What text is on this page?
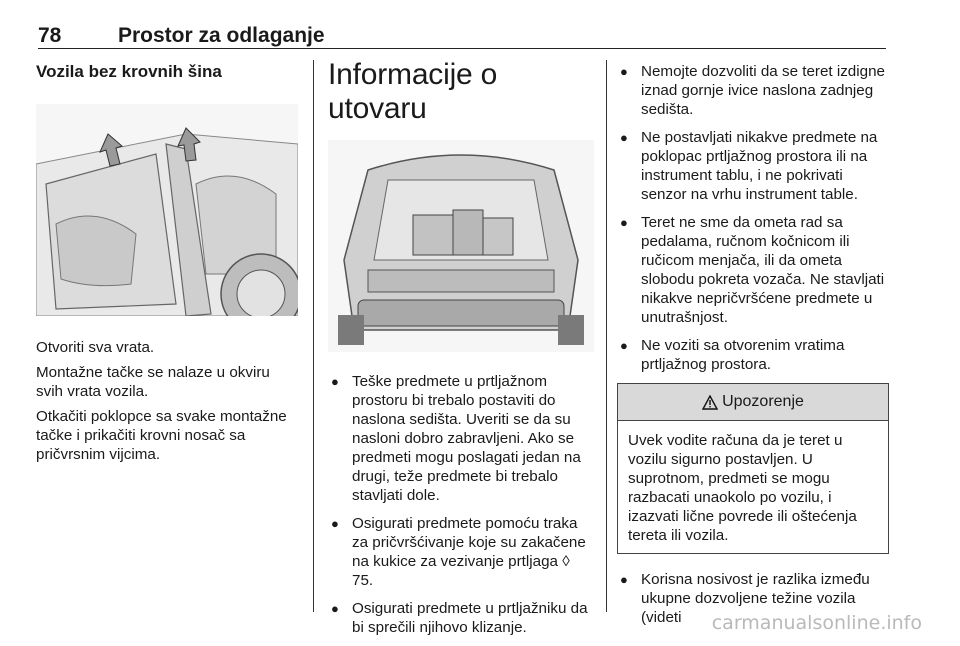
78	Prostor za odlaganje
Vozila bez krovnih šina

Otvoriti sva vrata.

Montažne tačke se nalaze u okviru svih vrata vozila.

Otkačiti poklopce sa svake montažne tačke i prikačiti krovni nosač sa pričvrsnim vijcima.

Informacije o utovaru
● Teške predmete u prtljažnom prostoru bi trebalo postaviti do naslona sedišta. Uveriti se da su nasloni dobro zabravljeni. Ako se predmeti mogu poslagati jedan na drugi, teže predmete bi trebalo stavljati dole.
● Osigurati predmete pomoću traka za pričvršćivanje koje su zakačene na kukice za vezivanje prtljaga ◊ 75.
● Osigurati predmete u prtljažniku da bi sprečili njihovo klizanje.
● Nemojte dozvoliti da se teret izdigne iznad gornje ivice naslona zadnjeg sedišta.
● Ne postavljati nikakve predmete na poklopac prtljažnog prostora ili na instrument tablu, i ne pokrivati senzor na vrhu instrument table.
● Teret ne sme da ometa rad sa pedalama, ručnom kočnicom ili ručicom menjača, ili da ometa slobodu pokreta vozača. Ne stavljati nikakve nepričvršćene predmete u unutrašnjost.
● Ne voziti sa otvorenim vratima prtljažnog prostora.
Upozorenje
Uvek vodite računa da je teret u vozilu sigurno postavljen. U suprotnom, predmeti se mogu razbacati unaokolo po vozilu, i izazvati lične povrede ili oštećenja tereta ili vozila.
● Korisna nosivost je razlika između ukupne dozvoljene težine vozila (videti	carmanualsonline.info
